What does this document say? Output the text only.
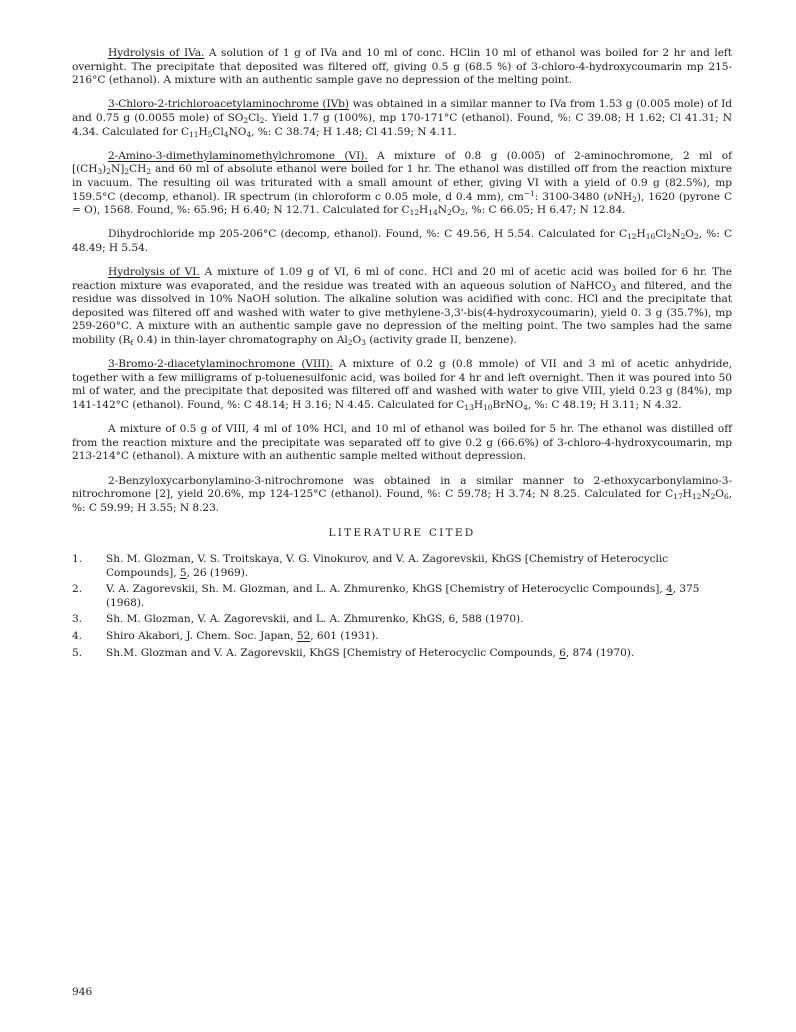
Hydrolysis of IVa. A solution of 1 g of IVa and 10 ml of conc. HClin 10 ml of ethanol was boiled for 2 hr and left overnight. The precipitate that deposited was filtered off, giving 0.5 g (68.5 %) of 3-chloro-4-hydroxycoumarin mp 215-216°C (ethanol). A mixture with an authentic sample gave no depression of the melting point.

3-Chloro-2-trichloroacetylaminochrome (IVb) was obtained in a similar manner to IVa from 1.53 g (0.005 mole) of Id and 0.75 g (0.0055 mole) of $SO_2Cl_2$. Yield 1.7 g (100%), mp 170-171°C (ethanol). Found, %: C 39.08; H 1.62; Cl 41.31; N 4.34. Calculated for $C_{11}H_5Cl_4NO_4$, %: C 38.74; H 1.48; Cl 41.59; N 4.11.

2-Amino-3-dimethylaminomethylchromone (VI). A mixture of 0.8 g (0.005) of 2-aminochromone, 2 ml of $[(CH_3)_2N]_2CH_2$ and 60 ml of absolute ethanol were boiled for 1 hr. The ethanol was distilled off from the reaction mixture in vacuum. The resulting oil was triturated with a small amount of ether, giving VI with a yield of 0.9 g (82.5%), mp 159.5°C (decomp, ethanol). IR spectrum (in chloroform c 0.05 mole, d 0.4 mm), $cm^{-1}$: 3100-3480 (νNH$_2$), 1620 (pyrone C = O), 1568. Found, %: 65.96; H 6.40; N 12.71. Calculated for $C_{12}H_{14}N_2O_2$, %: C 66.05; H 6.47; N 12.84.

Dihydrochloride mp 205-206°C (decomp, ethanol). Found, %: C 49.56, H 5.54. Calculated for $C_{12}H_{16}Cl_2N_2O_2$, %: C 48.49; H 5.54.

Hydrolysis of VI. A mixture of 1.09 g of VI, 6 ml of conc. HCl and 20 ml of acetic acid was boiled for 6 hr. The reaction mixture was evaporated, and the residue was treated with an aqueous solution of NaHCO$_3$ and filtered, and the residue was dissolved in 10% NaOH solution. The alkaline solution was acidified with conc. HCl and the precipitate that deposited was filtered off and washed with water to give methylene-3,3'-bis(4-hydroxycoumarin), yield 0. 3 g (35.7%), mp 259-260°C. A mixture with an authentic sample gave no depression of the melting point. The two samples had the same mobility ($R_f$ 0.4) in thin-layer chromatography on $Al_2O_3$ (activity grade II, benzene).

3-Bromo-2-diacetylaminochromone (VIII). A mixture of 0.2 g (0.8 mmole) of VII and 3 ml of acetic anhydride, together with a few milligrams of p-toluenesulfonic acid, was boiled for 4 hr and left overnight. Then it was poured into 50 ml of water, and the precipitate that deposited was filtered off and washed with water to give VIII, yield 0.23 g (84%), mp 141-142°C (ethanol). Found, %: C 48.14; H 3.16; N 4.45. Calculated for $C_{13}H_{10}BrNO_4$, %: C 48.19; H 3.11; N 4.32.

A mixture of 0.5 g of VIII, 4 ml of 10% HCl, and 10 ml of ethanol was boiled for 5 hr. The ethanol was distilled off from the reaction mixture and the precipitate was separated off to give 0.2 g (66.6%) of 3-chloro-4-hydroxycoumarin, mp 213-214°C (ethanol). A mixture with an authentic sample melted without depression.

2-Benzyloxycarbonylamino-3-nitrochromone was obtained in a similar manner to 2-ethoxycarbonylamino-3-nitrochromone [2], yield 20.6%, mp 124-125°C (ethanol). Found, %: C 59.78; H 3.74; N 8.25. Calculated for $C_{17}H_{12}N_2O_6$, %: C 59.99; H 3.55; N 8.23.

LITERATURE CITED
1.	Sh. M. Glozman, V. S. Troitskaya, V. G. Vinokurov, and V. A. Zagorevskii, KhGS [Chemistry of Heterocyclic Compounds], 5, 26 (1969).
2.	V. A. Zagorevskii, Sh. M. Glozman, and L. A. Zhmurenko, KhGS [Chemistry of Heterocyclic Compounds], 4, 375 (1968).
3.	Sh. M. Glozman, V. A. Zagorevskii, and L. A. Zhmurenko, KhGS, 6, 588 (1970).
4.	Shiro Akabori, J. Chem. Soc. Japan, 52, 601 (1931).
5.	Sh.M. Glozman and V. A. Zagorevskii, KhGS [Chemistry of Heterocyclic Compounds, 6, 874 (1970).
946
